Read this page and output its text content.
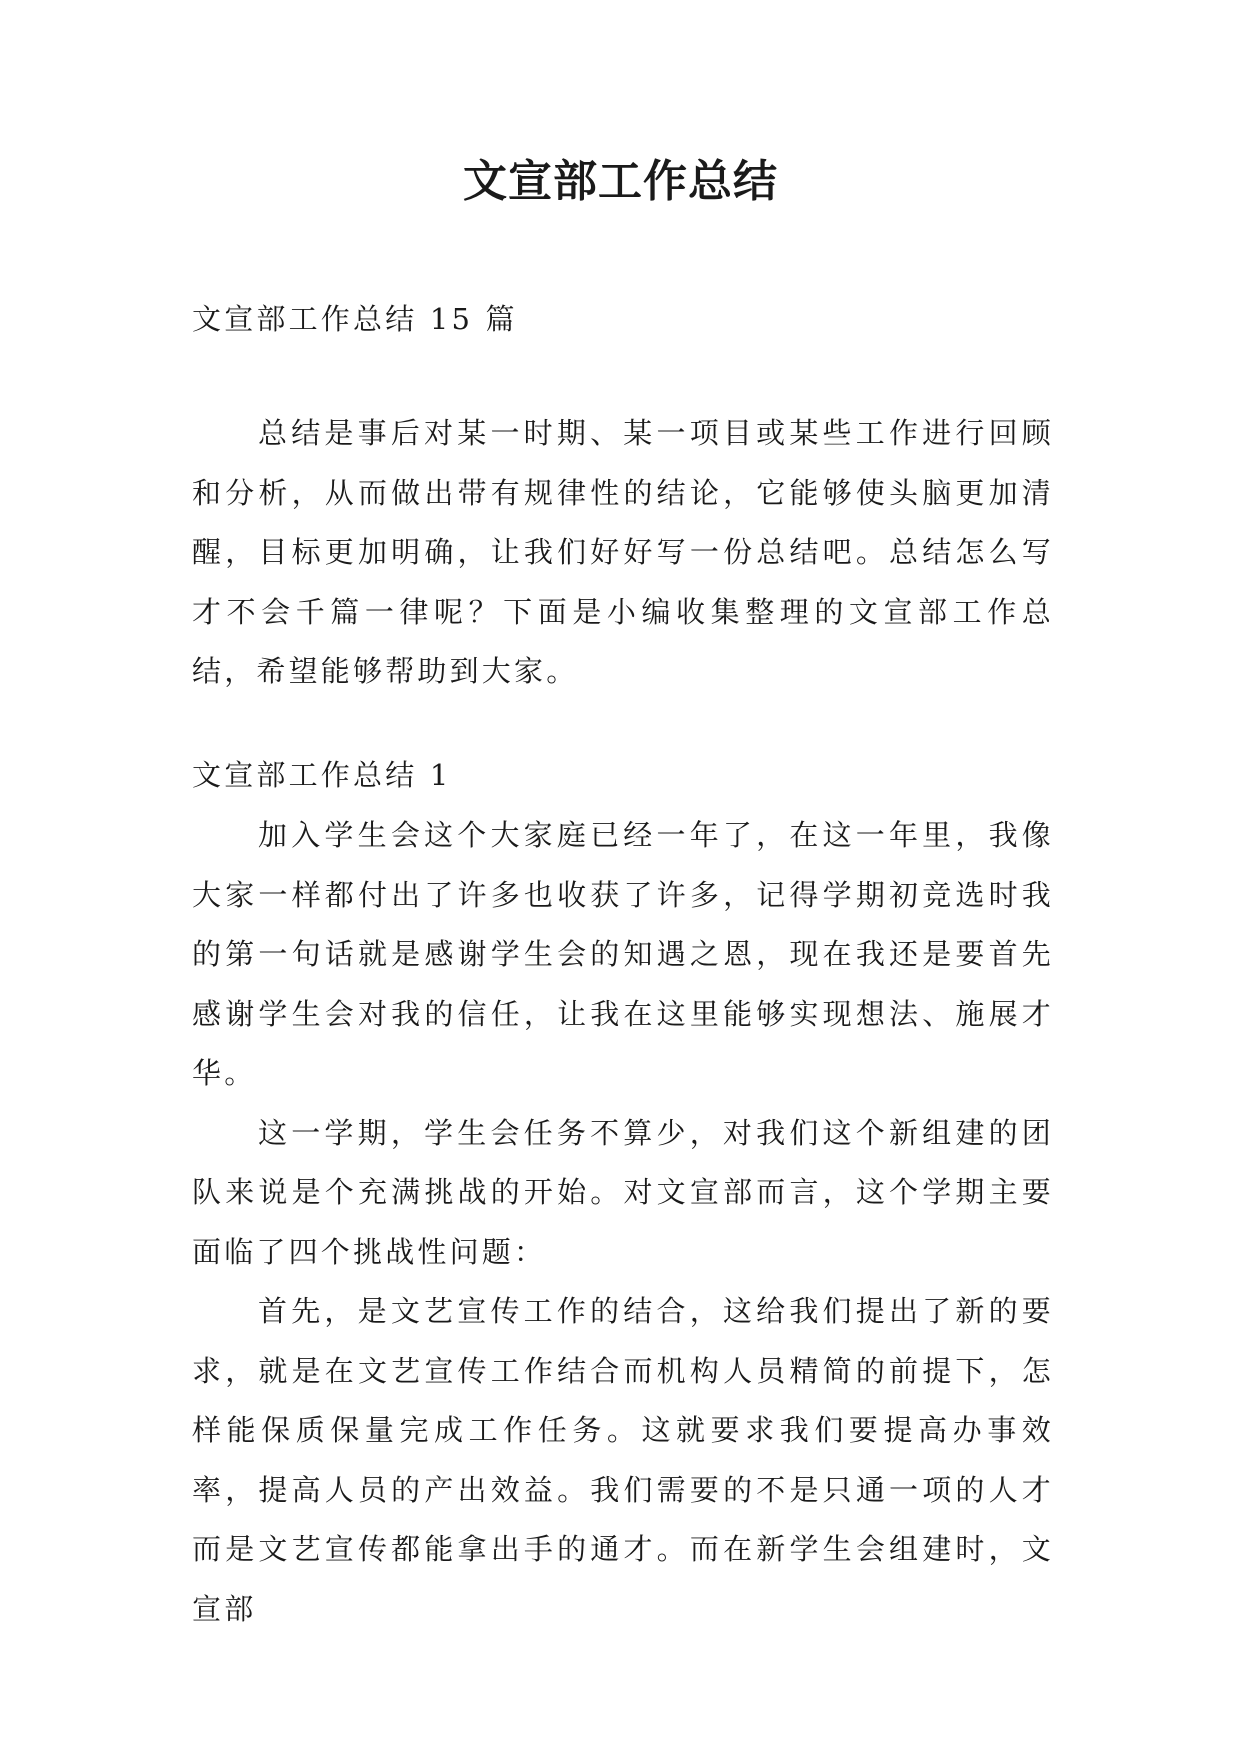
文宣部工作总结

文宣部工作总结 15 篇

总结是事后对某一时期、某一项目或某些工作进行回顾和分析，从而做出带有规律性的结论，它能够使头脑更加清醒，目标更加明确，让我们好好写一份总结吧。总结怎么写才不会千篇一律呢？下面是小编收集整理的文宣部工作总结，希望能够帮助到大家。

文宣部工作总结 1

加入学生会这个大家庭已经一年了，在这一年里，我像大家一样都付出了许多也收获了许多，记得学期初竞选时我的第一句话就是感谢学生会的知遇之恩，现在我还是要首先感谢学生会对我的信任，让我在这里能够实现想法、施展才华。

这一学期，学生会任务不算少，对我们这个新组建的团队来说是个充满挑战的开始。对文宣部而言，这个学期主要面临了四个挑战性问题：

首先，是文艺宣传工作的结合，这给我们提出了新的要求，就是在文艺宣传工作结合而机构人员精简的前提下，怎样能保质保量完成工作任务。这就要求我们要提高办事效率，提高人员的产出效益。我们需要的不是只通一项的人才而是文艺宣传都能拿出手的通才。而在新学生会组建时，文宣部
